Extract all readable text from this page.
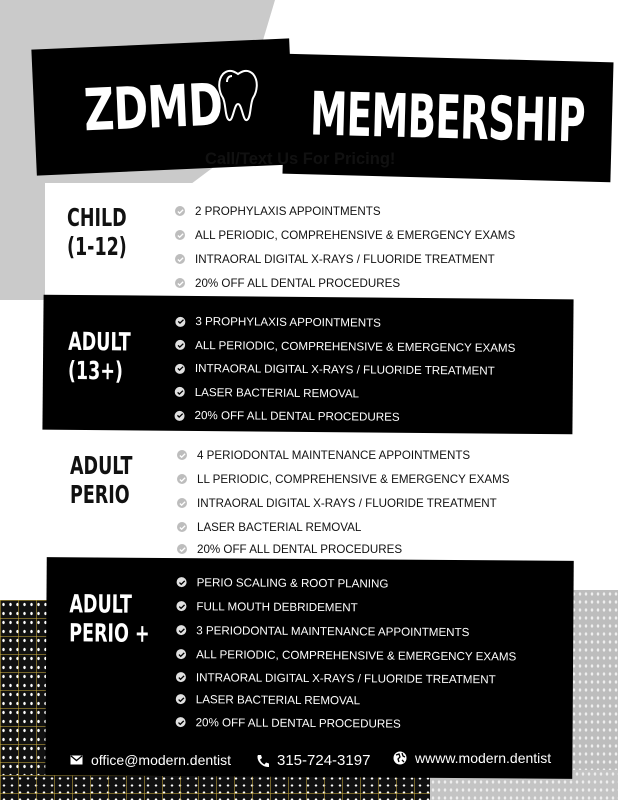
ZDMD MEMBERSHIP
Call/Text Us For Pricing!
CHILD
(1-12)
2 PROPHYLAXIS APPOINTMENTS
ALL PERIODIC, COMPREHENSIVE & EMERGENCY EXAMS
INTRAORAL DIGITAL X-RAYS / FLUORIDE TREATMENT
20% OFF ALL DENTAL PROCEDURES
ADULT
(13+)
3 PROPHYLAXIS APPOINTMENTS
ALL PERIODIC, COMPREHENSIVE & EMERGENCY EXAMS
INTRAORAL DIGITAL X-RAYS / FLUORIDE TREATMENT
LASER BACTERIAL REMOVAL
20% OFF ALL DENTAL PROCEDURES
ADULT
PERIO
4 PERIODONTAL MAINTENANCE APPOINTMENTS
LL PERIODIC, COMPREHENSIVE & EMERGENCY EXAMS
INTRAORAL DIGITAL X-RAYS / FLUORIDE TREATMENT
LASER BACTERIAL REMOVAL
20% OFF ALL DENTAL PROCEDURES
ADULT
PERIO +
PERIO SCALING & ROOT PLANING
FULL MOUTH DEBRIDEMENT
3 PERIODONTAL MAINTENANCE APPOINTMENTS
ALL PERIODIC, COMPREHENSIVE & EMERGENCY EXAMS
INTRAORAL DIGITAL X-RAYS / FLUORIDE TREATMENT
LASER BACTERIAL REMOVAL
20% OFF ALL DENTAL PROCEDURES
office@modern.dentist	315-724-3197	wwww.modern.dentist
